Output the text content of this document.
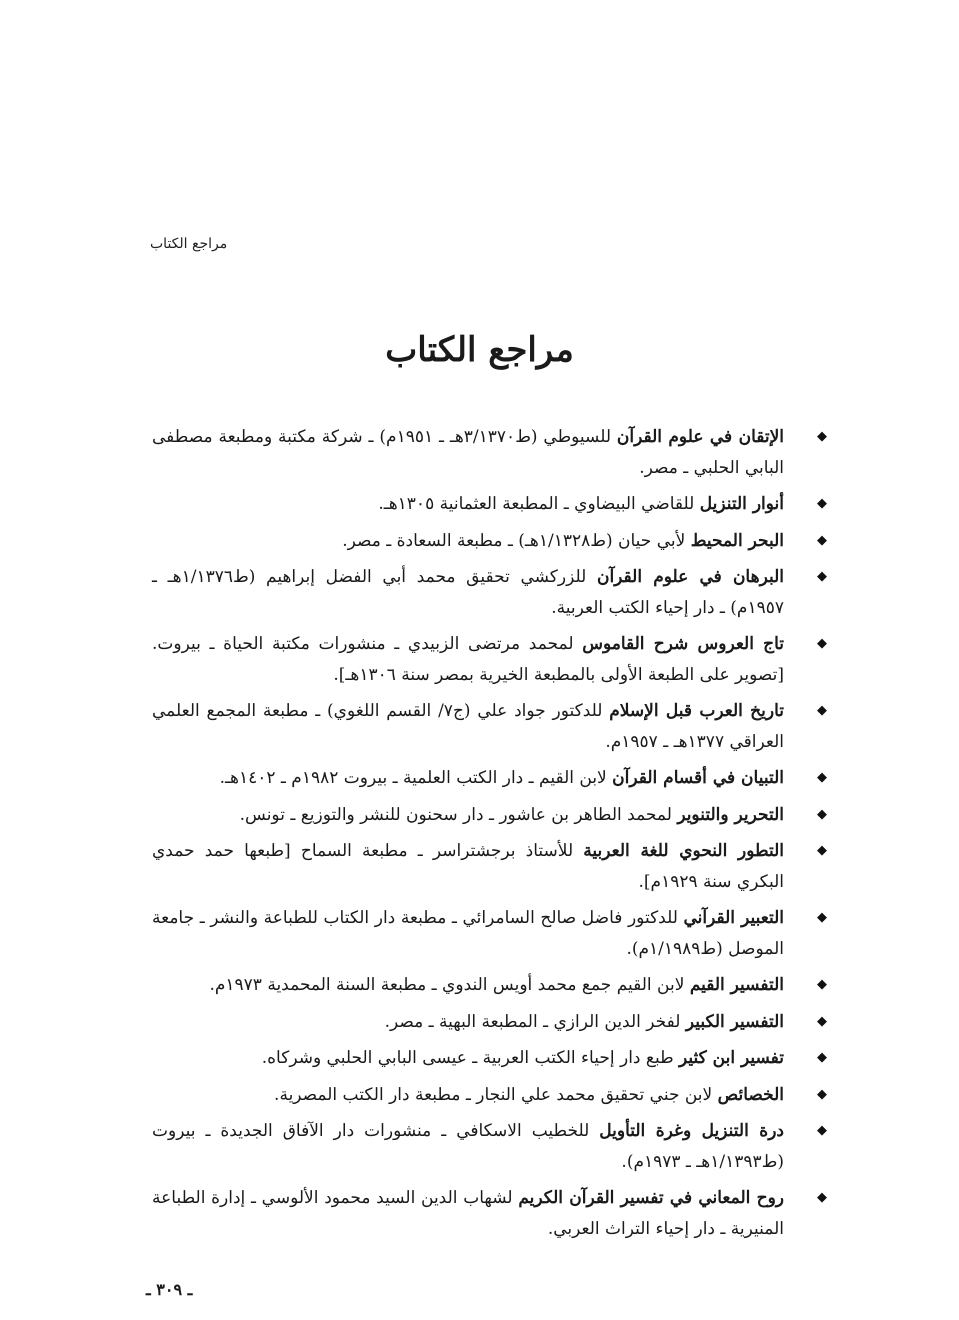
مراجع الكتاب
مراجع الكتاب
◆
الإتقان في علوم القرآن للسيوطي (ط٣/١٣٧٠هـ ـ ١٩٥١م) ـ شركة مكتبة ومطبعة مصطفى البابي الحلبي ـ مصر.
◆
أنوار التنزيل للقاضي البيضاوي ـ المطبعة العثمانية ١٣٠٥هـ.
◆
البحر المحيط لأبي حيان (ط١/١٣٢٨هـ) ـ مطبعة السعادة ـ مصر.
◆
البرهان في علوم القرآن للزركشي تحقيق محمد أبي الفضل إبراهيم (ط١/١٣٧٦هـ ـ ١٩٥٧م) ـ دار إحياء الكتب العربية.
◆
تاج العروس شرح القاموس لمحمد مرتضى الزبيدي ـ منشورات مكتبة الحياة ـ بيروت. [تصوير على الطبعة الأولى بالمطبعة الخيرية بمصر سنة ١٣٠٦هـ].
◆
تاريخ العرب قبل الإسلام للدكتور جواد علي (ج٧/ القسم اللغوي) ـ مطبعة المجمع العلمي العراقي ١٣٧٧هـ ـ ١٩٥٧م.
◆
التبيان في أقسام القرآن لابن القيم ـ دار الكتب العلمية ـ بيروت ١٩٨٢م ـ ١٤٠٢هـ.
◆
التحرير والتنوير لمحمد الطاهر بن عاشور ـ دار سحنون للنشر والتوزيع ـ تونس.
◆
التطور النحوي للغة العربية للأستاذ برجشتراسر ـ مطبعة السماح [طبعها حمد حمدي البكري سنة ١٩٢٩م].
◆
التعبير القرآني للدكتور فاضل صالح السامرائي ـ مطبعة دار الكتاب للطباعة والنشر ـ جامعة الموصل (ط١/١٩٨٩م).
◆
التفسير القيم لابن القيم جمع محمد أويس الندوي ـ مطبعة السنة المحمدية ١٩٧٣م.
◆
التفسير الكبير لفخر الدين الرازي ـ المطبعة البهية ـ مصر.
◆
تفسير ابن كثير طبع دار إحياء الكتب العربية ـ عيسى البابي الحلبي وشركاه.
◆
الخصائص لابن جني تحقيق محمد علي النجار ـ مطبعة دار الكتب المصرية.
◆
درة التنزيل وغرة التأويل للخطيب الاسكافي ـ منشورات دار الآفاق الجديدة ـ بيروت (ط١/١٣٩٣هـ ـ ١٩٧٣م).
◆
روح المعاني في تفسير القرآن الكريم لشهاب الدين السيد محمود الألوسي ـ إدارة الطباعة المنيرية ـ دار إحياء التراث العربي.
ـ ٣٠٩ ـ
